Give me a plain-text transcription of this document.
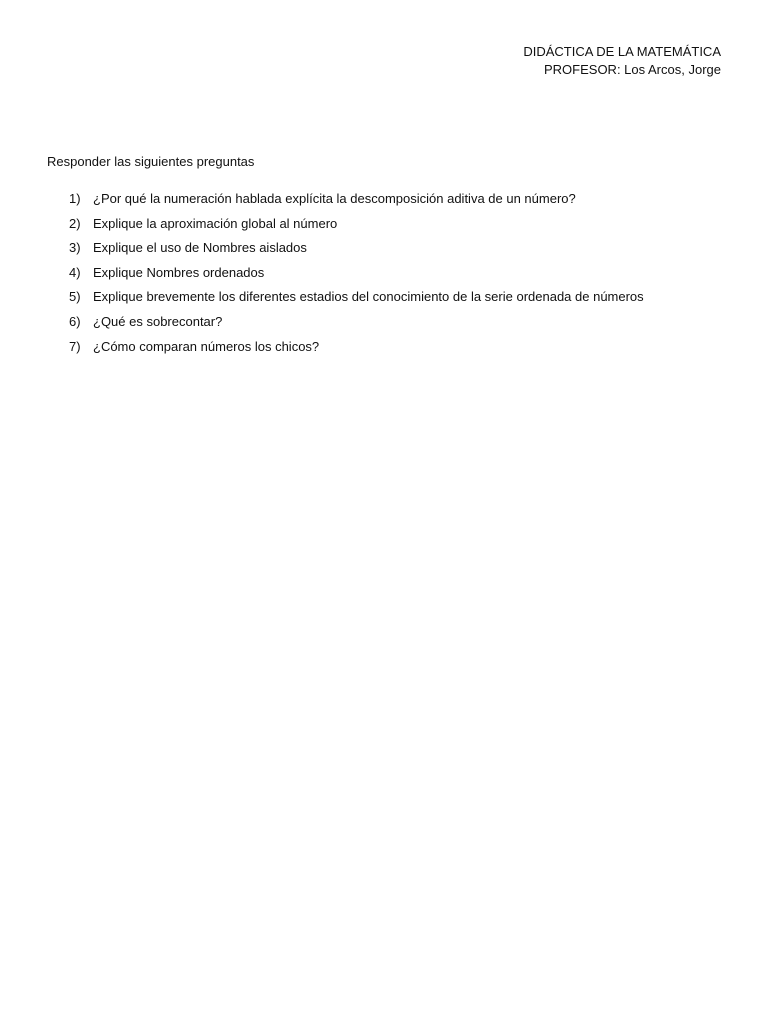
DIDÁCTICA DE LA MATEMÁTICA
PROFESOR: Los Arcos, Jorge
Responder las siguientes preguntas
1) ¿Por qué la numeración hablada explícita la descomposición aditiva de un número?
2) Explique la aproximación global al número
3) Explique el uso de Nombres aislados
4) Explique Nombres ordenados
5) Explique brevemente los diferentes estadios del conocimiento de la serie ordenada de números
6) ¿Qué es sobrecontar?
7) ¿Cómo comparan números los chicos?
